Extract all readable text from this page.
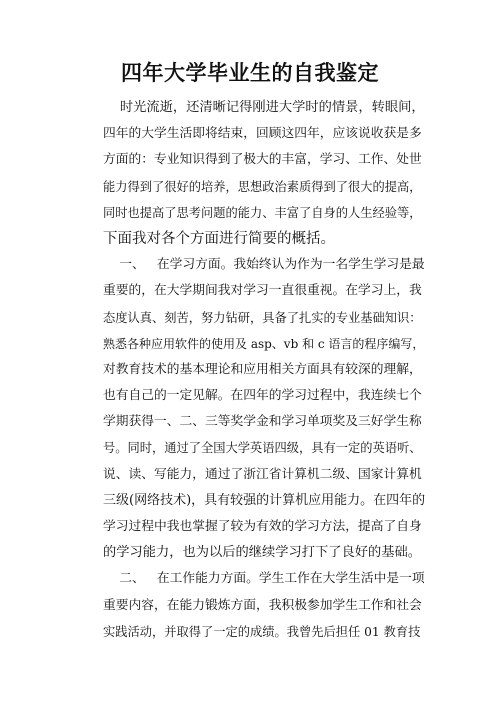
四年大学毕业生的自我鉴定
时光流逝，还清晰记得刚进大学时的情景，转眼间，
四年的大学生活即将结束，回顾这四年，应该说收获是多
方面的：专业知识得到了极大的丰富，学习、工作、处世
能力得到了很好的培养，思想政治素质得到了很大的提高，
同时也提高了思考问题的能力、丰富了自身的人生经验等，
下面我对各个方面进行简要的概括。
一、   在学习方面。我始终认为作为一名学生学习是最
重要的，在大学期间我对学习一直很重视。在学习上，我
态度认真、刻苦，努力钻研，具备了扎实的专业基础知识：
熟悉各种应用软件的使用及 asp、vb 和 c 语言的程序编写，
对教育技术的基本理论和应用相关方面具有较深的理解，
也有自己的一定见解。在四年的学习过程中，我连续七个
学期获得一、二、三等奖学金和学习单项奖及三好学生称
号。同时，通过了全国大学英语四级，具有一定的英语听、
说、读、写能力，通过了浙江省计算机二级、国家计算机
三级(网络技术)，具有较强的计算机应用能力。在四年的
学习过程中我也掌握了较为有效的学习方法，提高了自身
的学习能力，也为以后的继续学习打下了良好的基础。
二、   在工作能力方面。学生工作在大学生活中是一项
重要内容，在能力锻炼方面，我积极参加学生工作和社会
实践活动，并取得了一定的成绩。我曾先后担任 01 教育技
